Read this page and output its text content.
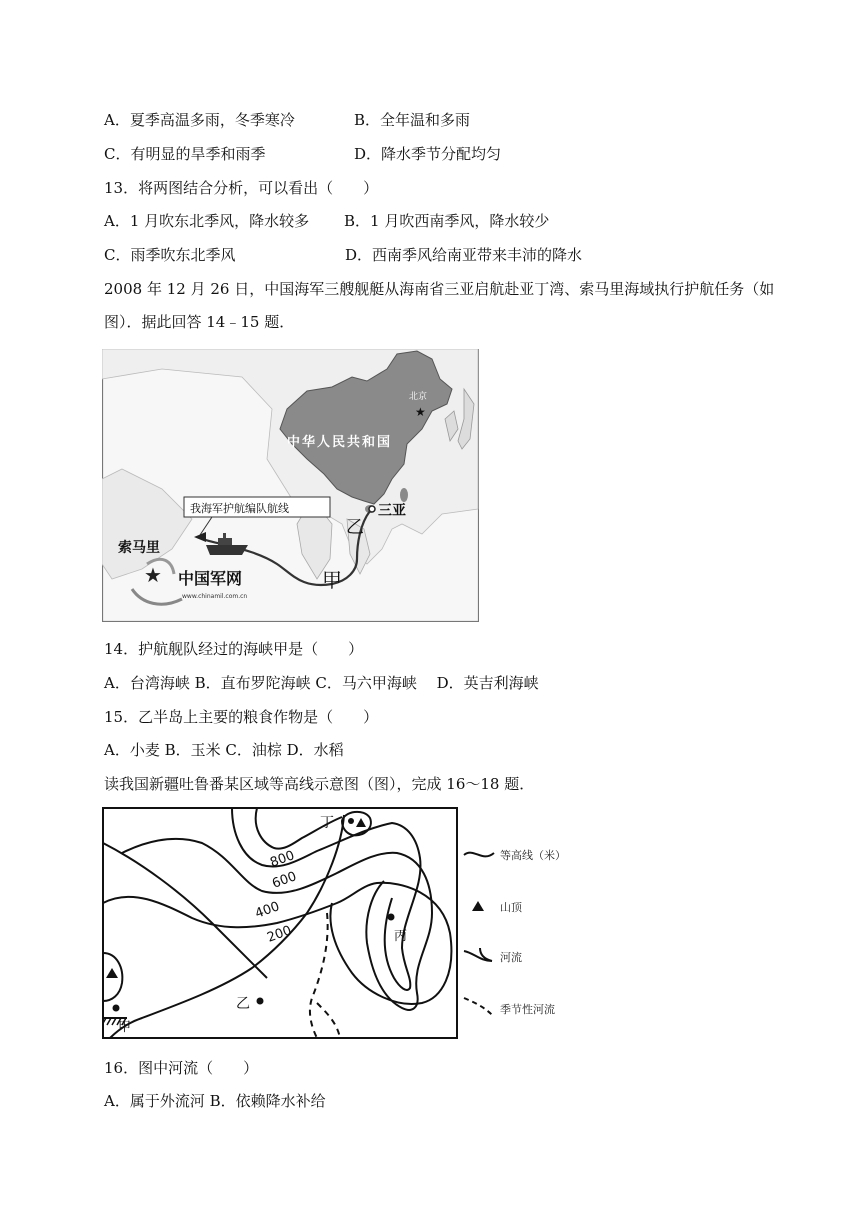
A．夏季高温多雨，冬季寒冷	B．全年温和多雨
C．有明显的旱季和雨季	D．降水季节分配均匀
13．将两图结合分析，可以看出（　　）
A．1 月吹东北季风，降水较多 B．1 月吹西南季风，降水较少
C．雨季吹东北季风	D．西南季风给南亚带来丰沛的降水
2008 年 12 月 26 日，中国海军三艘舰艇从海南省三亚启航赴亚丁湾、索马里海域执行护航任务（如
图）．据此回答 14﹣15 题．
北京
★
中华人民共和国
三亚
乙
甲
我海军护航编队航线
索马里
★ 中国军网
www.chinamil.com.cn
14．护航舰队经过的海峡甲是（　　）
A．台湾海峡 B．直布罗陀海峡 C．马六甲海峡　 D．英吉利海峡
15．乙半岛上主要的粮食作物是（　　）
A．小麦 B．玉米 C．油棕 D．水稻
读我国新疆吐鲁番某区域等高线示意图（图），完成 16～18 题．
甲
丁
丙
乙
800
600
400
200
等高线（米）
山顶
河流
季节性河流
16．图中河流（　　）
A．属于外流河 B．依赖降水补给
